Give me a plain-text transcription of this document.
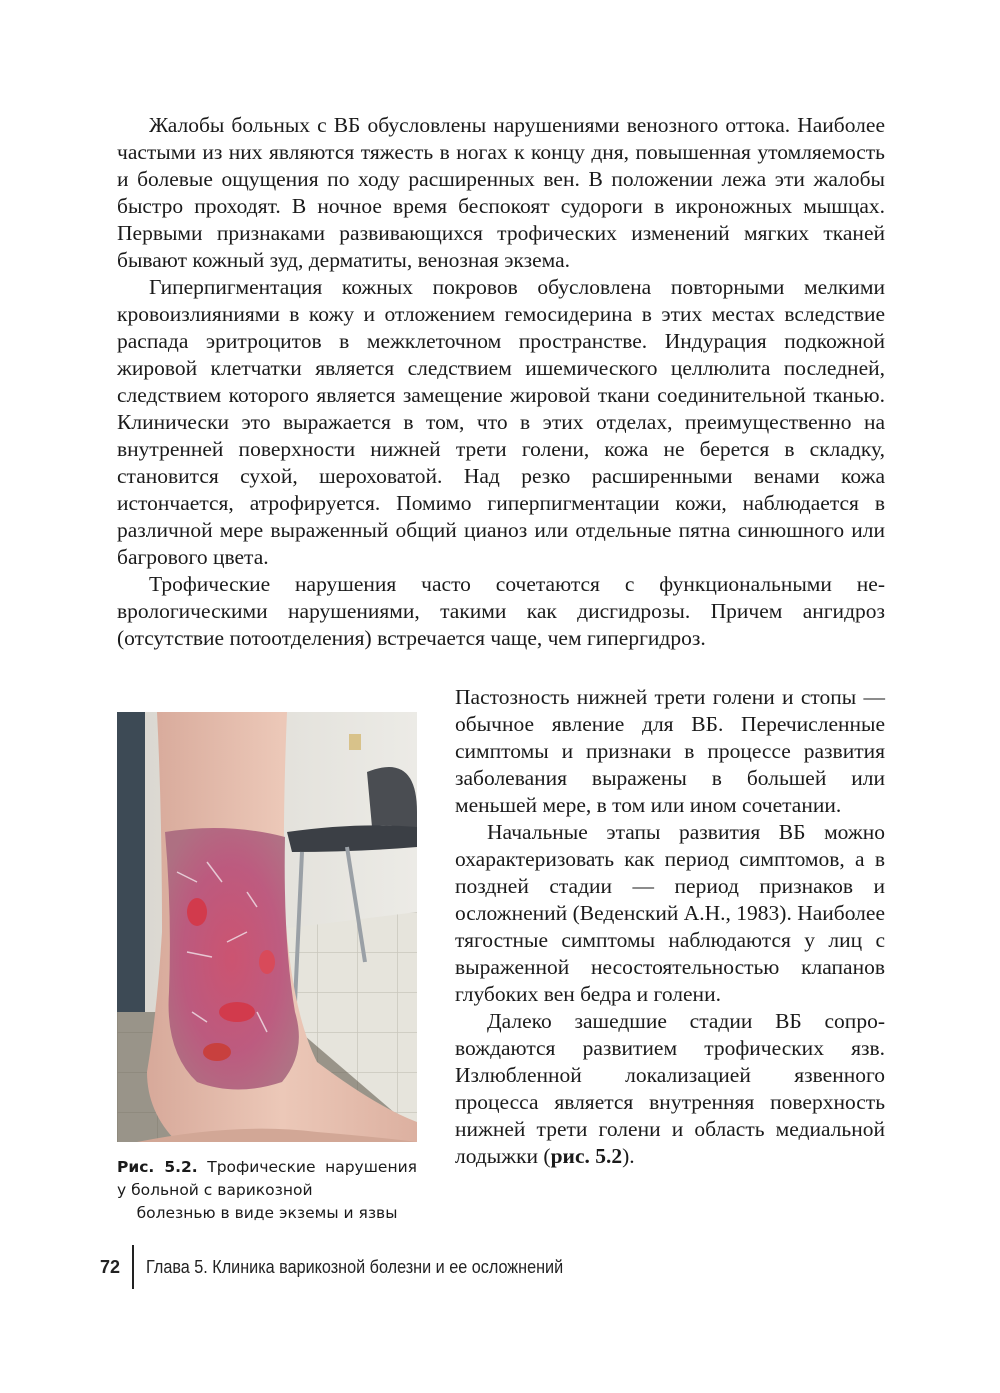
Жалобы больных с ВБ обусловлены нарушениями венозного оттока. Наиболее частыми из них являются тяжесть в ногах к концу дня, повышенная утомляемость и болевые ощущения по ходу расширенных вен. В положении лежа эти жалобы быстро проходят. В ночное время беспокоят судороги в икроножных мышцах. Первыми признаками развивающихся трофических изменений мягких тканей бывают кожный зуд, дерматиты, венозная экзема.

Гиперпигментация кожных покровов обусловлена повторными мелкими кровоизлияниями в кожу и отложением гемосидерина в этих местах вследствие распада эритроцитов в межклеточном пространстве. Индурация подкожной жировой клетчатки является следствием ишемического целлюлита последней, следствием которого является замещение жировой ткани соединительной тканью. Клинически это выражается в том, что в этих отделах, преимущественно на внутренней поверхности нижней трети голени, кожа не берется в складку, становится сухой, шероховатой. Над резко расширенными венами кожа истончается, атрофируется. Помимо гиперпигментации кожи, наблюдается в различной мере выраженный общий цианоз или отдельные пятна синюшного или багрового цвета.

Трофические нарушения часто сочетаются с функциональными неврологическими нарушениями, такими как дисгидрозы. Причем ангидроз (отсутствие потоотделения) встречается чаще, чем гипергидроз.

Рис. 5.2. Трофические нарушения у больной с варикозной
болезнью в виде экземы и язвы

Пастозность нижней трети голени и стопы — обычное явление для ВБ. Перечисленные симптомы и признаки в процессе развития заболевания выражены в большей или меньшей мере, в том или ином сочетании.

Начальные этапы развития ВБ можно охарактеризовать как период симптомов, а в поздней стадии — период признаков и осложнений (Веденский А.Н., 1983). Наиболее тягостные симптомы наблюдаются у лиц с выраженной несостоятельностью клапанов глубоких вен бедра и голени.

Далеко зашедшие стадии ВБ сопровождаются развитием трофических язв. Излюбленной локализацией язвенного процесса является внутренняя поверхность нижней трети голени и область медиальной лодыжки (рис. 5.2).

72	Глава 5. Клиника варикозной болезни и ее осложнений
